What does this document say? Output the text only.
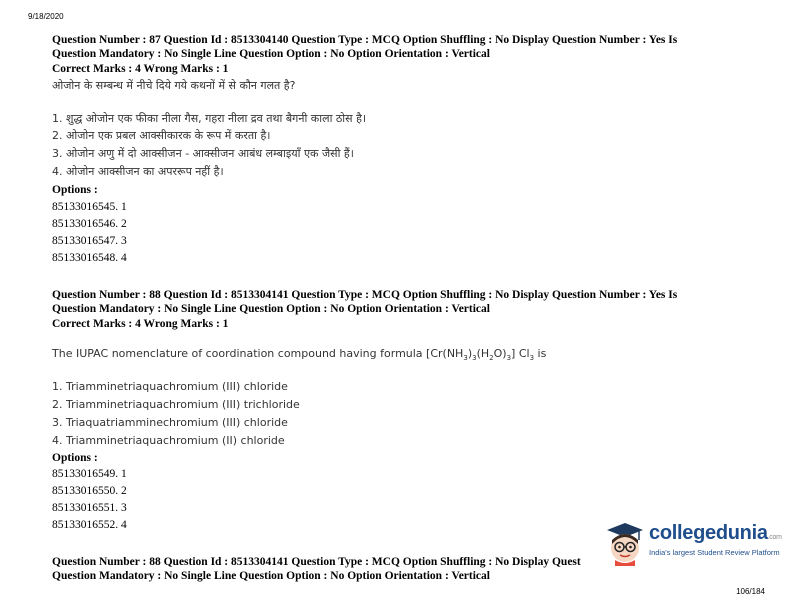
9/18/2020
Question Number : 87 Question Id : 8513304140 Question Type : MCQ Option Shuffling : No Display Question Number : Yes Is
Question Mandatory : No Single Line Question Option : No Option Orientation : Vertical
Correct Marks : 4 Wrong Marks : 1
ओजोन के सम्बन्ध में नीचे दिये गये कथनों में से कौन गलत है?
1. शुद्ध ओजोन एक फीका नीला गैस, गहरा नीला द्रव तथा बैगनी काला ठोस है।
2. ओजोन एक प्रबल आक्सीकारक के रूप में करता है।
3. ओजोन अणु में दो आक्सीजन - आक्सीजन आबंध लम्बाइयाँ एक जैसी हैं।
4. ओजोन आक्सीजन का अपररूप नहीं है।
Options :
85133016545. 1
85133016546. 2
85133016547. 3
85133016548. 4
Question Number : 88 Question Id : 8513304141 Question Type : MCQ Option Shuffling : No Display Question Number : Yes Is
Question Mandatory : No Single Line Question Option : No Option Orientation : Vertical
Correct Marks : 4 Wrong Marks : 1
The IUPAC nomenclature of coordination compound having formula $[Cr(NH_3)_3(H_2O)_3]$ $Cl_3$ is
1. Triamminetriaquachromium (III) chloride
2. Triamminetriaquachromium (III) trichloride
3. Triaquatriamminechromium (III) chloride
4. Triamminetriaquachromium (II) chloride
Options :
85133016549. 1
85133016550. 2
85133016551. 3
85133016552. 4
Question Number : 88 Question Id : 8513304141 Question Type : MCQ Option Shuffling : No Display Quest
Question Mandatory : No Single Line Question Option : No Option Orientation : Vertical
collegedunia.com
India's largest Student Review Platform
106/184
